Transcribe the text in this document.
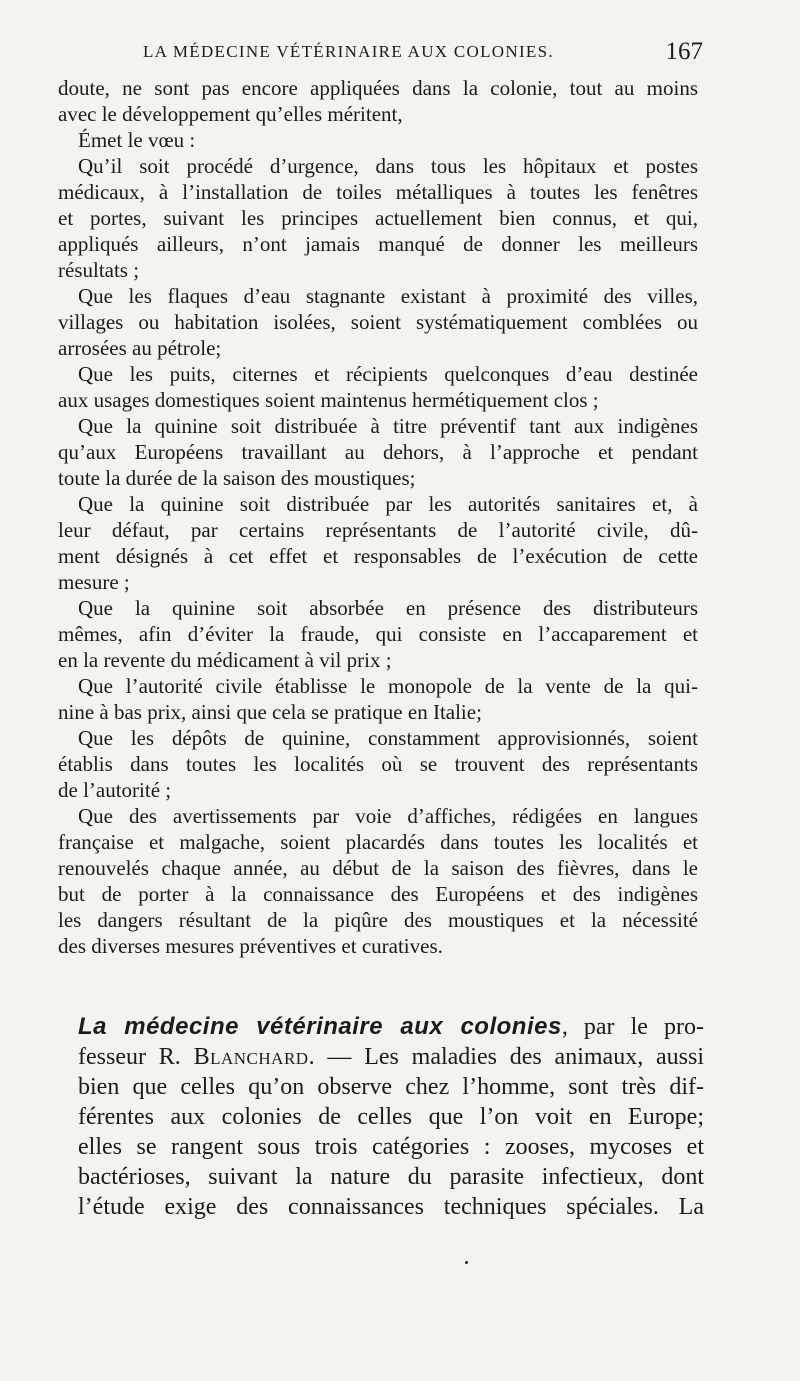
LA MÉDECINE VÉTÉRINAIRE AUX COLONIES.	167
doute, ne sont pas encore appliquées dans la colonie, tout au moins
avec le développement qu’elles méritent,
Émet le vœu :
Qu’il soit procédé d’urgence, dans tous les hôpitaux et postes
médicaux, à l’installation de toiles métalliques à toutes les fenêtres
et portes, suivant les principes actuellement bien connus, et qui,
appliqués ailleurs, n’ont jamais manqué de donner les meilleurs
résultats ;
Que les flaques d’eau stagnante existant à proximité des villes,
villages ou habitation isolées, soient systématiquement comblées ou
arrosées au pétrole;
Que les puits, citernes et récipients quelconques d’eau destinée
aux usages domestiques soient maintenus hermétiquement clos ;
Que la quinine soit distribuée à titre préventif tant aux indigènes
qu’aux Européens travaillant au dehors, à l’approche et pendant
toute la durée de la saison des moustiques;
Que la quinine soit distribuée par les autorités sanitaires et, à
leur défaut, par certains représentants de l’autorité civile, dû-
ment désignés à cet effet et responsables de l’exécution de cette
mesure ;
Que la quinine soit absorbée en présence des distributeurs
mêmes, afin d’éviter la fraude, qui consiste en l’accaparement et
en la revente du médicament à vil prix ;
Que l’autorité civile établisse le monopole de la vente de la qui-
nine à bas prix, ainsi que cela se pratique en Italie;
Que les dépôts de quinine, constamment approvisionnés, soient
établis dans toutes les localités où se trouvent des représentants
de l’autorité ;
Que des avertissements par voie d’affiches, rédigées en langues
française et malgache, soient placardés dans toutes les localités et
renouvelés chaque année, au début de la saison des fièvres, dans le
but de porter à la connaissance des Européens et des indigènes
les dangers résultant de la piqûre des moustiques et la nécessité
des diverses mesures préventives et curatives.
La médecine vétérinaire aux colonies, par le pro-
fesseur R. Blanchard. — Les maladies des animaux, aussi
bien que celles qu’on observe chez l’homme, sont très dif-
férentes aux colonies de celles que l’on voit en Europe;
elles se rangent sous trois catégories : zooses, mycoses et
bactérioses, suivant la nature du parasite infectieux, dont
l’étude exige des connaissances techniques spéciales. La
